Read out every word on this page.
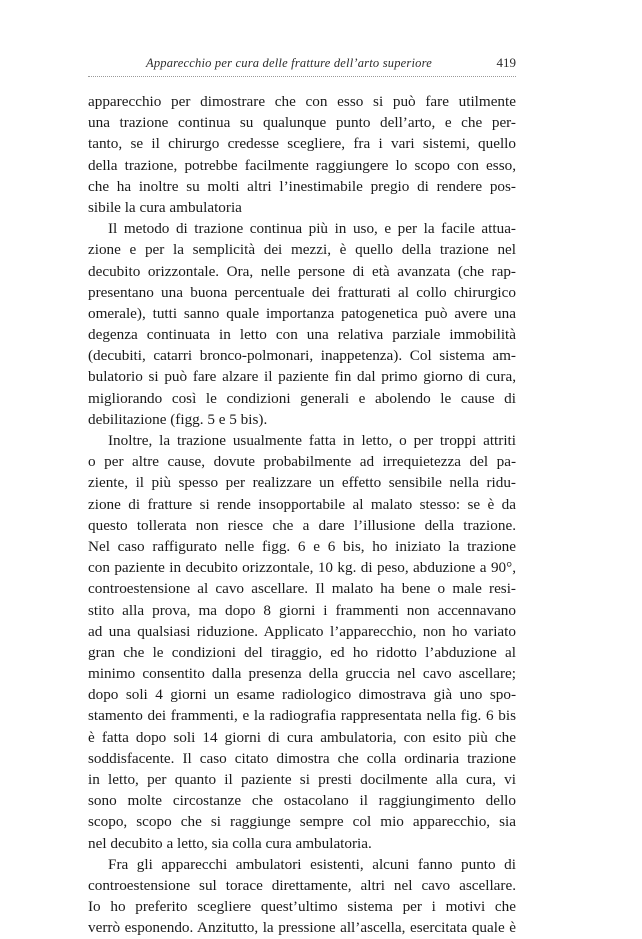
Apparecchio per cura delle fratture dell’arto superiore	419
apparecchio per dimostrare che con esso si può fare utilmente
una trazione continua su qualunque punto dell’arto, e che per-
tanto, se il chirurgo credesse scegliere, fra i vari sistemi, quello
della trazione, potrebbe facilmente raggiungere lo scopo con esso,
che ha inoltre su molti altri l’inestimabile pregio di rendere pos-
sibile la cura ambulatoria
Il metodo di trazione continua più in uso, e per la facile attua-
zione e per la semplicità dei mezzi, è quello della trazione nel
decubito orizzontale. Ora, nelle persone di età avanzata (che rap-
presentano una buona percentuale dei fratturati al collo chirurgico
omerale), tutti sanno quale importanza patogenetica può avere una
degenza continuata in letto con una relativa parziale immobilità
(decubiti, catarri bronco-polmonari, inappetenza). Col sistema am-
bulatorio si può fare alzare il paziente fin dal primo giorno di cura,
migliorando così le condizioni generali e abolendo le cause di
debilitazione (figg. 5 e 5 bis).
Inoltre, la trazione usualmente fatta in letto, o per troppi attriti
o per altre cause, dovute probabilmente ad irrequietezza del pa-
ziente, il più spesso per realizzare un effetto sensibile nella ridu-
zione di fratture si rende insopportabile al malato stesso: se è da
questo tollerata non riesce che a dare l’illusione della trazione.
Nel caso raffigurato nelle figg. 6 e 6 bis, ho iniziato la trazione
con paziente in decubito orizzontale, 10 kg. di peso, abduzione a 90°,
controestensione al cavo ascellare. Il malato ha bene o male resi-
stito alla prova, ma dopo 8 giorni i frammenti non accennavano
ad una qualsiasi riduzione. Applicato l’apparecchio, non ho variato
gran che le condizioni del tiraggio, ed ho ridotto l’abduzione al
minimo consentito dalla presenza della gruccia nel cavo ascellare;
dopo soli 4 giorni un esame radiologico dimostrava già uno spo-
stamento dei frammenti, e la radiografia rappresentata nella fig. 6 bis
è fatta dopo soli 14 giorni di cura ambulatoria, con esito più che
soddisfacente. Il caso citato dimostra che colla ordinaria trazione
in letto, per quanto il paziente si presti docilmente alla cura, vi
sono molte circostanze che ostacolano il raggiungimento dello
scopo, scopo che si raggiunge sempre col mio apparecchio, sia
nel decubito a letto, sia colla cura ambulatoria.
Fra gli apparecchi ambulatori esistenti, alcuni fanno punto di
controestensione sul torace direttamente, altri nel cavo ascellare.
Io ho preferito scegliere quest’ultimo sistema per i motivi che
verrò esponendo. Anzitutto, la pressione all’ascella, esercitata quale è
